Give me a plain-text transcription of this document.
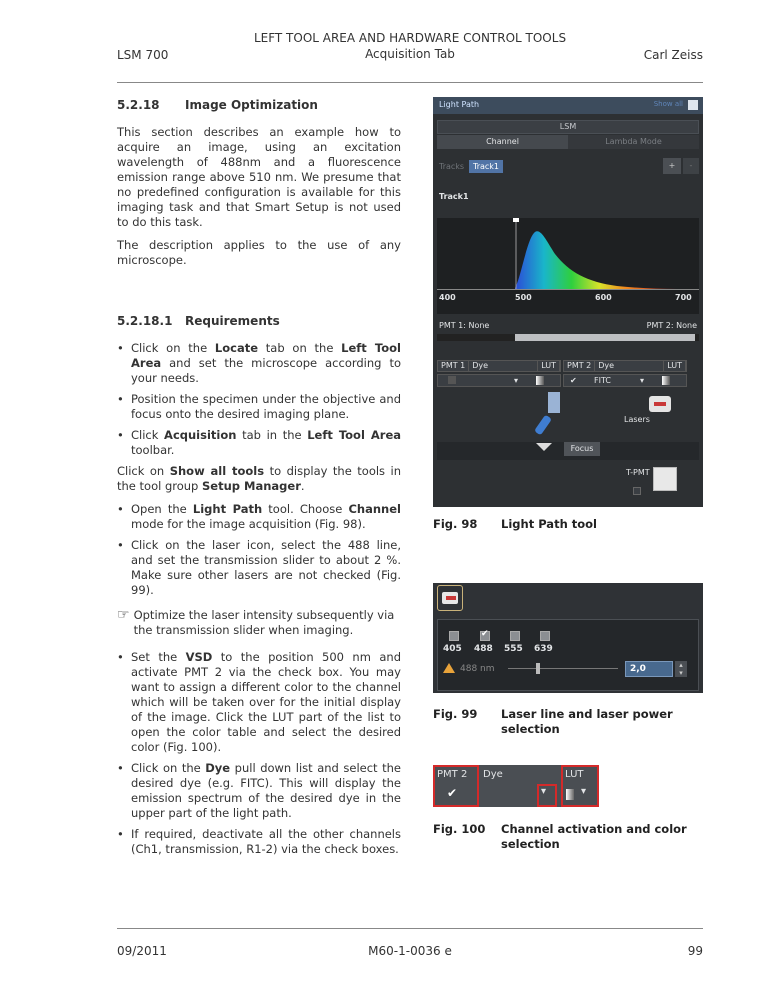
LEFT TOOL AREA AND HARDWARE CONTROL TOOLS
Acquisition Tab
LSM 700	Carl Zeiss
5.2.18	Image Optimization

This section describes an example how to acquire an image, using an excitation wavelength of 488nm and a fluorescence emission range above 510 nm. We presume that no predefined configuration is available for this imaging task and that Smart Setup is not used to do this task.

The description applies to the use of any microscope.

5.2.18.1	Requirements
• Click on the Locate tab on the Left Tool Area and set the microscope according to your needs.
• Position the specimen under the objective and focus onto the desired imaging plane.
• Click Acquisition tab in the Left Tool Area toolbar.

Click on Show all tools to display the tools in the tool group Setup Manager.

• Open the Light Path tool. Choose Channel mode for the image acquisition (Fig. 98).
• Click on the laser icon, select the 488 line, and set the transmission slider to about 2 %. Make sure other lasers are not checked (Fig. 99).
☞ Optimize the laser intensity subsequently via the transmission slider when imaging.
• Set the VSD to the position 500 nm and activate PMT 2 via the check box. You may want to assign a different color to the channel which will be taken over for the initial display of the image. Click the LUT part of the list to open the color table and select the desired color (Fig. 100).
• Click on the Dye pull down list and select the desired dye (e.g. FITC). This will display the emission spectrum of the desired dye in the upper part of the light path.
• If required, deactivate all the other channels (Ch1, transmission, R1-2) via the check boxes.
Light Path	Show all
LSM
Channel	Lambda Mode
Tracks	Track1	+	-
Track1
400	500	600	700
PMT 1: None	PMT 2: None
PMT 1 Dye	LUT	PMT 2 Dye	LUT
▾	✔ FITC	▾
Lasers
Focus
T-PMT
Fig. 98	Light Path tool
✔
405 488 555 639
488 nm	2,0	▴
▾
Fig. 99	Laser line and laser power selection
PMT 2	Dye	LUT
✔	▾	▾
Fig. 100	Channel activation and color selection
09/2011	M60-1-0036 e	99
